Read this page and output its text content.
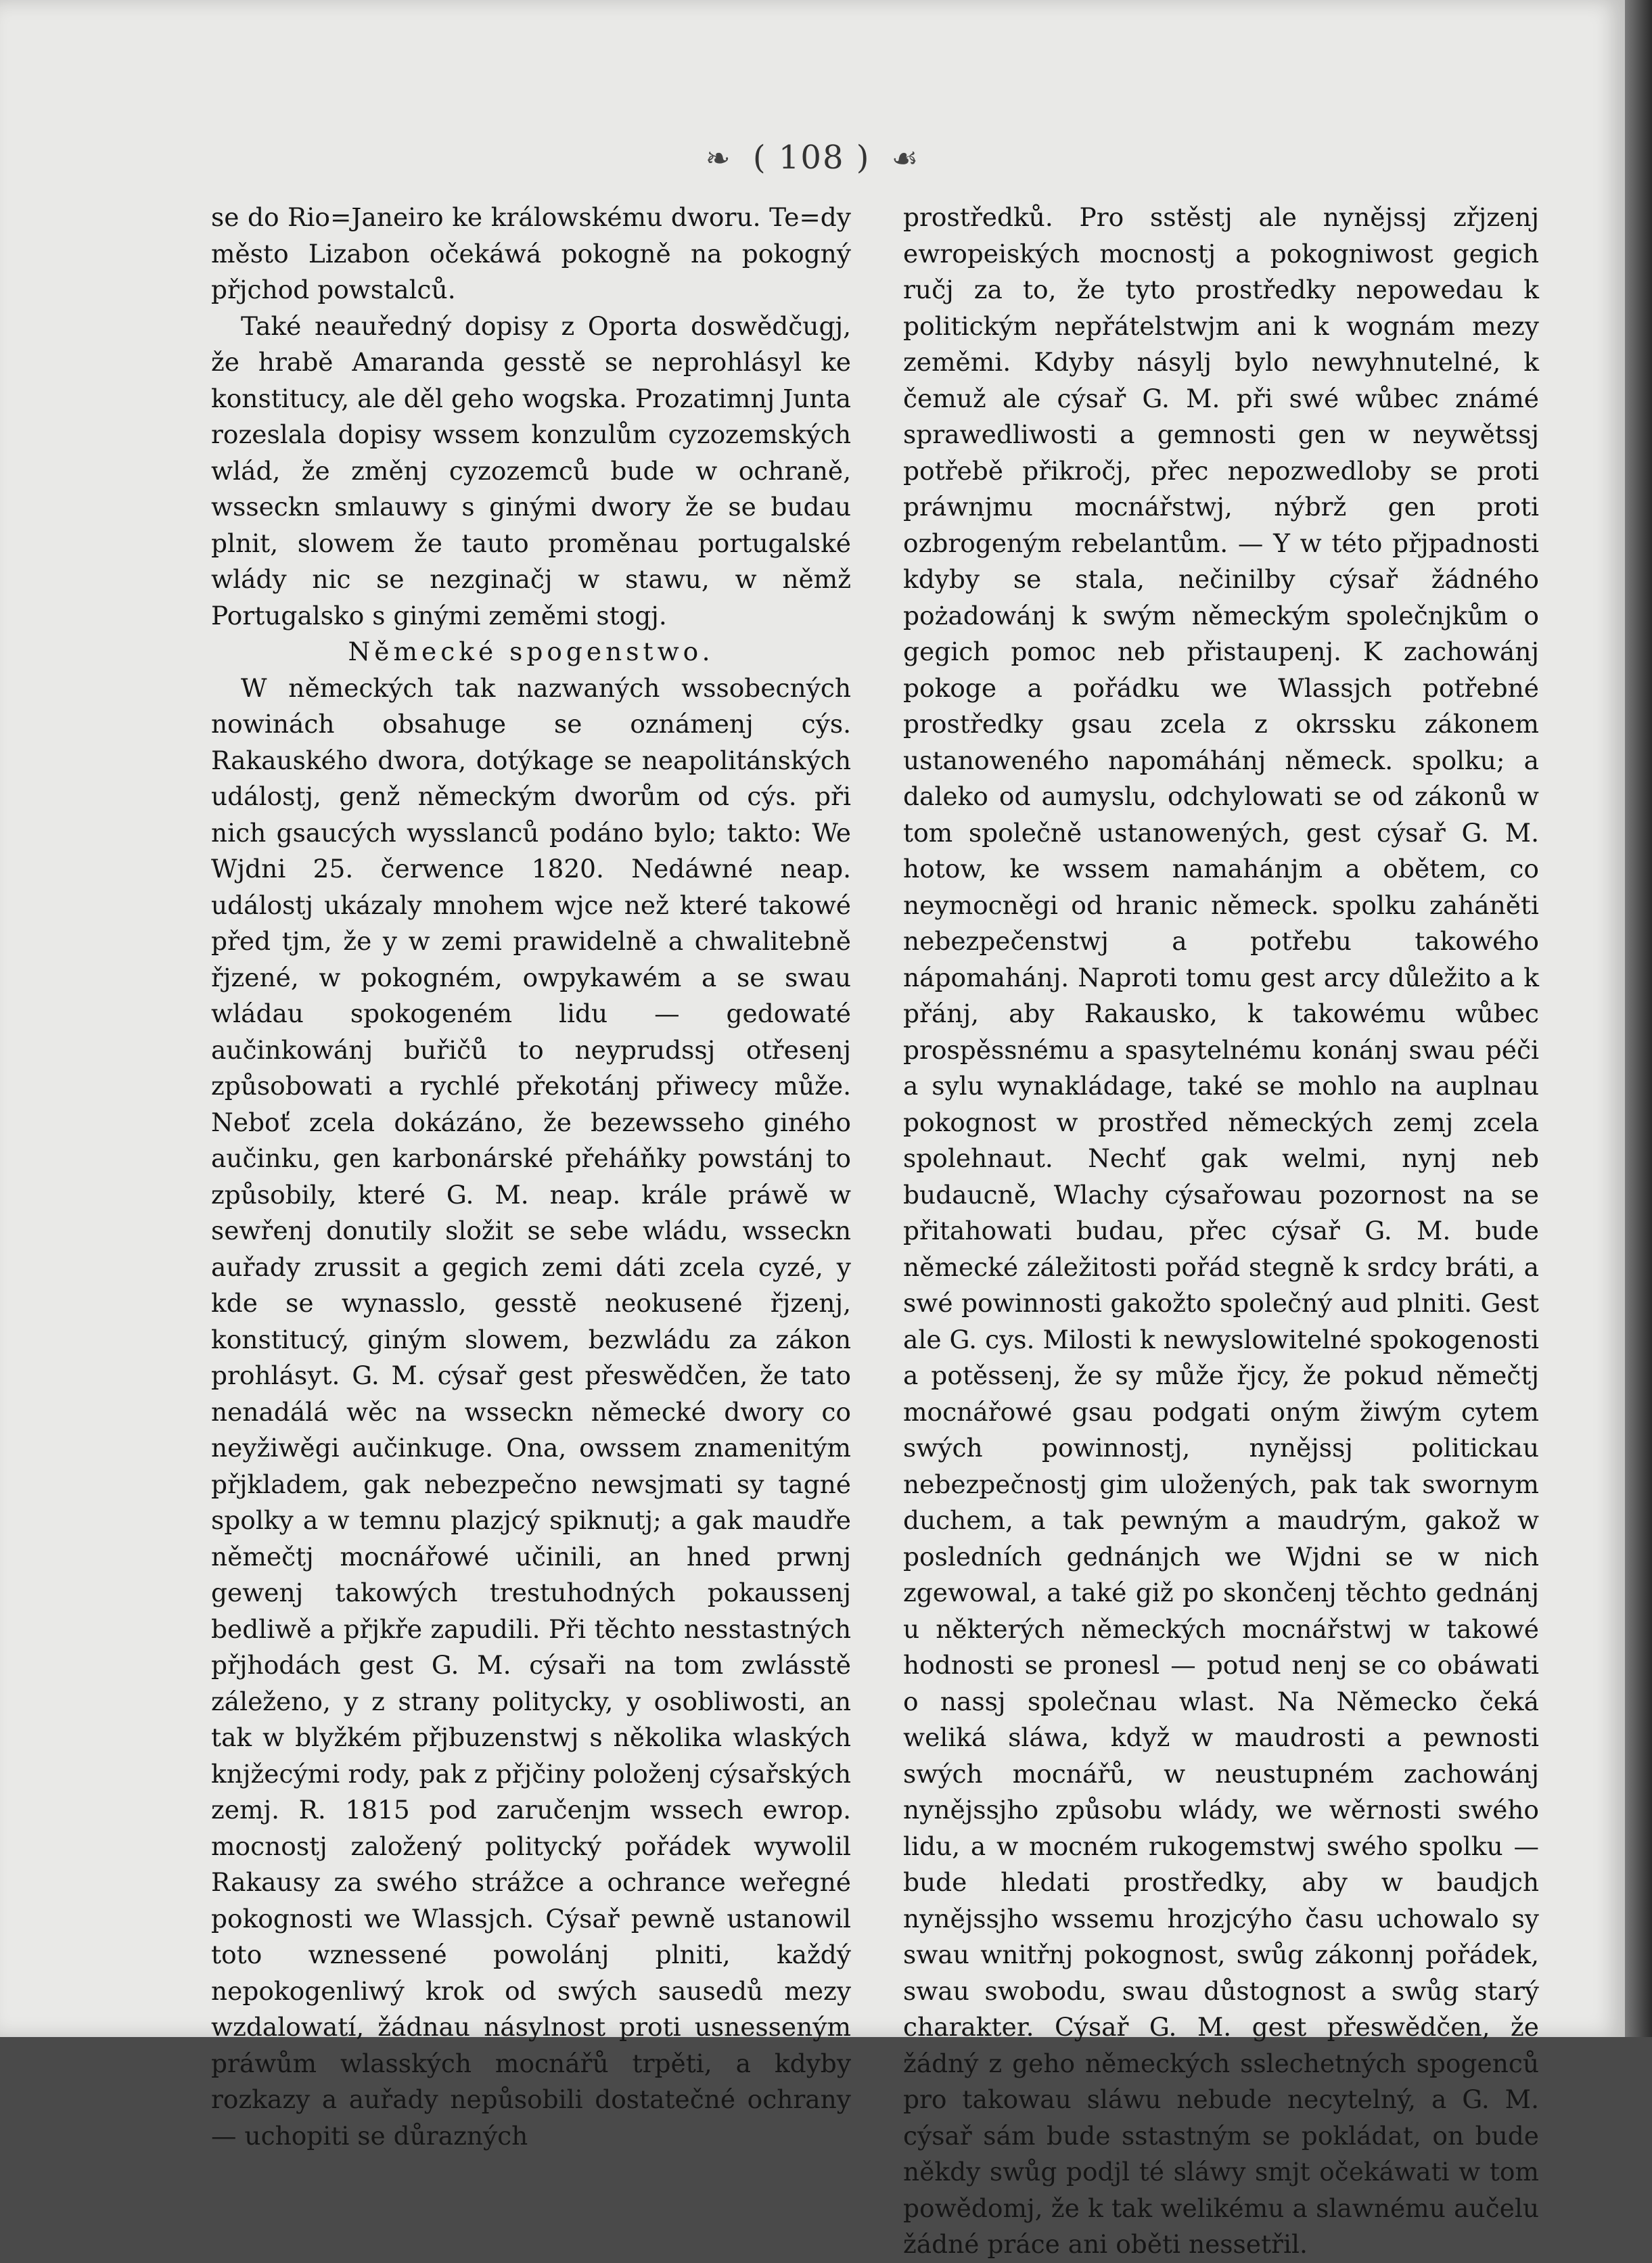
❧ ( 108 ) ☙

se do Rio=Janeiro ke králowskému dworu. Te=dy město Lizabon očekáwá pokogně na pokogný přjchod powstalců.

Také neauředný dopisy z Oporta doswědčugj, že hrabě Amaranda gesstě se neprohlásyl ke konstitucy, ale děl geho wogska. Prozatimnj Junta rozeslala dopisy wssem konzulům cyzozemských wlád, že změnj cyzozemců bude w ochraně, wsseckn smlauwy s ginými dwory že se budau plnit, slowem že tauto proměnau portugalské wlády nic se nezginačj w stawu, w němž Portugalsko s ginými zeměmi stogj.

Německé spogenstwo.

W německých tak nazwaných wssobecných nowinách obsahuge se oznámenj cýs. Rakauského dwora, dotýkage se neapolitánských událostj, genž německým dworům od cýs. při nich gsaucých wysslanců podáno bylo; takto: We Wjdni 25. čerwence 1820. Nedáwné neap. událostj ukázaly mnohem wjce než které takowé před tjm, že y w zemi prawidelně a chwalitebně řjzené, w pokogném, owpykawém a se swau wládau spokogeném lidu — gedowaté aučinkowánj buřičů to neyprudssj otřesenj způsobowati a rychlé překotánj přiwecy může. Neboť zcela dokázáno, že bezewsseho giného aučinku, gen karbonárské přeháňky powstánj to způsobily, které G. M. neap. krále práwě w sewřenj donutily složit se sebe wládu, wsseckn auřady zrussit a gegich zemi dáti zcela cyzé, y kde se wynasslo, gesstě neokusené řjzenj, konstitucý, giným slowem, bezwládu za zákon prohlásyt. G. M. cýsař gest přeswědčen, že tato nenadálá wěc na wsseckn německé dwory co neyžiwěgi aučinkuge. Ona, owssem znamenitým přjkladem, gak nebezpečno newsjmati sy tagné spolky a w temnu plazjcý spiknutj; a gak maudře němečtj mocnářowé učinili, an hned prwnj gewenj takowých trestuhodných pokaussenj bedliwě a přjkře zapudili. Při těchto nesstastných přjhodách gest G. M. cýsaři na tom zwlásstě záleženo, y z strany politycky, y osobliwosti, an tak w blyžkém přjbuzenstwj s několika wlaských knjžecými rody, pak z přjčiny položenj cýsařských zemj. R. 1815 pod zaručenjm wssech ewrop. mocnostj založený politycký pořádek wywolil Rakausy za swého strážce a ochrance weřegné pokognosti we Wlassjch. Cýsař pewně ustanowil toto wznessené powolánj plniti, každý nepokogenliwý krok od swých sausedů mezy wzdalowatí, žádnau násylnost proti usnesseným práwům wlasských mocnářů trpěti, a kdyby rozkazy a auřady nepůsobili dostatečné ochrany — uchopiti se důrazných

prostředků. Pro sstěstj ale nynějssj zřjzenj ewropeiských mocnostj a pokogniwost gegich ručj za to, že tyto prostředky nepowedau k politickým nepřátelstwjm ani k wognám mezy zeměmi. Kdyby násylj bylo newyhnutelné, k čemuž ale cýsař G. M. při swé wůbec známé sprawedliwosti a gemnosti gen w neywětssj potřebě přikročj, přec nepozwedloby se proti práwnjmu mocnářstwj, nýbrž gen proti ozbrogeným rebelantům. — Y w této přjpadnosti kdyby se stala, nečinilby cýsař žádného pożadowánj k swým německým společnjkům o gegich pomoc neb přistaupenj. K zachowánj pokoge a pořádku we Wlassjch potřebné prostředky gsau zcela z okrssku zákonem ustanoweného napomáhánj německ. spolku; a daleko od aumyslu, odchylowati se od zákonů w tom společně ustanowených, gest cýsař G. M. hotow, ke wssem namahánjm a obětem, co neymocněgi od hranic německ. spolku zaháněti nebezpečenstwj a potřebu takowého nápomahánj. Naproti tomu gest arcy důležito a k přánj, aby Rakausko, k takowému wůbec prospěssnému a spasytelnému konánj swau péči a sylu wynakládage, také se mohlo na auplnau pokognost w prostřed německých zemj zcela spolehnaut. Nechť gak welmi, nynj neb budaucně, Wlachy cýsařowau pozornost na se přitahowati budau, přec cýsař G. M. bude německé záležitosti pořád stegně k srdcy bráti, a swé powinnosti gakožto společný aud plniti. Gest ale G. cys. Milosti k newyslowitelné spokogenosti a potěssenj, že sy může řjcy, že pokud němečtj mocnářowé gsau podgati oným žiwým cytem swých powinnostj, nynějssj politickau nebezpečnostj gim uložených, pak tak swornym duchem, a tak pewným a maudrým, gakož w posledních gednánjch we Wjdni se w nich zgewowal, a také giž po skončenj těchto gednánj u některých německých mocnářstwj w takowé hodnosti se pronesl — potud nenj se co obáwati o nassj společnau wlast. Na Německo čeká weliká sláwa, když w maudrosti a pewnosti swých mocnářů, w neustupném zachowánj nynějssjho způsobu wlády, we wěrnosti swého lidu, a w mocném rukogemstwj swého spolku — bude hledati prostředky, aby w baudjch nynějssjho wssemu hrozjcýho času uchowalo sy swau wnitřnj pokognost, swůg zákonnj pořádek, swau swobodu, swau důstognost a swůg starý charakter. Cýsař G. M. gest přeswědčen, že žádný z geho německých sslechetných spogenců pro takowau sláwu nebude necytelný, a G. M. cýsař sám bude sstastným se pokládat, on bude někdy swůg podjl té sláwy smjt očekáwati w tom powědomj, že k tak welikému a slawnému aučelu žádné práce ani oběti nessetřil.
